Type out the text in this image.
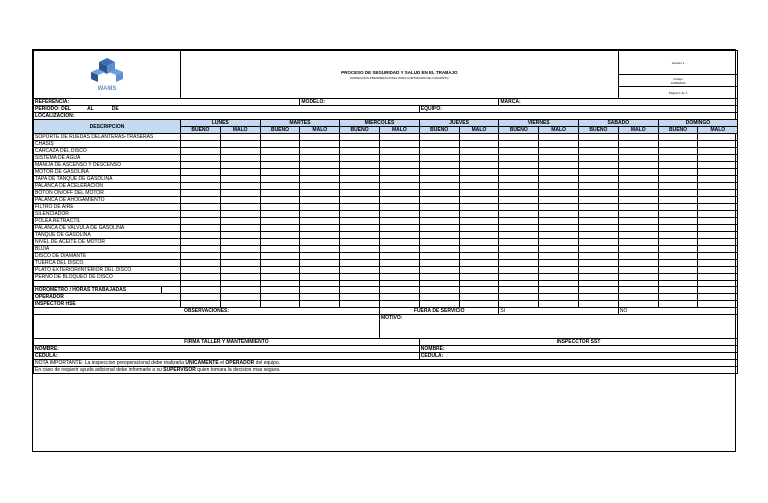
WAMS	PROCESO DE SEGURIDAD Y SALUD EN EL TRABAJO
INSPECCION PREOPERACIONAL PARA CORTADORA DE CONCRETO											Versión 1		

												Código
12/09/2022		

												Página 1 de 1		
REFERENCIA:				MODELO:					MARCA:					
PERIODO: DEL AL DE							EQUIPO:							
LOCALIZACION:														
DESCRIPCION	LUNES		MARTES		MIERCOLES		JUEVES		VIERNES		SABADO		DOMINGO	
	BUENO	MALO	BUENO	MALO	BUENO	MALO	BUENO	MALO	BUENO	MALO	BUENO	MALO	BUENO	MALO
SOPORTE DE RUEDAS DELANTERAS-TRASERAS														
CHASIS														
CARCAZA DEL DISCO														
SISTEMA DE AGUA														
MANIJA DE ASCENSO Y DESCENSO														
MOTOR DE GASOLINA														
TAPA DE TANQUE DE GASOLINA														
PALANCA DE ACELERACION														
BOTON ON/OFF DEL MOTOR														
PALANCA DE AHOGAMIENTO														
FILTRO DE AIRE														
SILENCIADOR														
POLEA RETRACTIL														
PALANCA DE VALVULA DE GASOLINA														
TANQUE DE GASOLINA														
NIVEL DE ACEITE DE MOTOR														
BUJIA														
DISCO DE DIAMANTE														
TUERCA DEL DISCO														
PLATO EXTERIOR/INTERIOR DEL DISCO														
PERNO DE BLOQUEO DE DISCO														

HOROMETRO / HORAS TRABAJADAS														

OPERADOR														
INSPECTOR HSE														
OBSERVACIONES:						FUERA DE SERVICIO			SI			NO		
						MOTIVO:								
FIRMA TALLER Y MANTENIMIENTO							INSPECCTOR SST							
NOMBRE:							NOMBRE:							
CEDULA:							CEDULA:							
NOTA IMPORTANTE: La inspeccion preoperacional debe realizarla UNICAMENTE el OPERADOR del equipo.														
En caso de requerir ayuda adicional debe informarle a su SUPERVISOR quien tomara la decision mas segura.														
